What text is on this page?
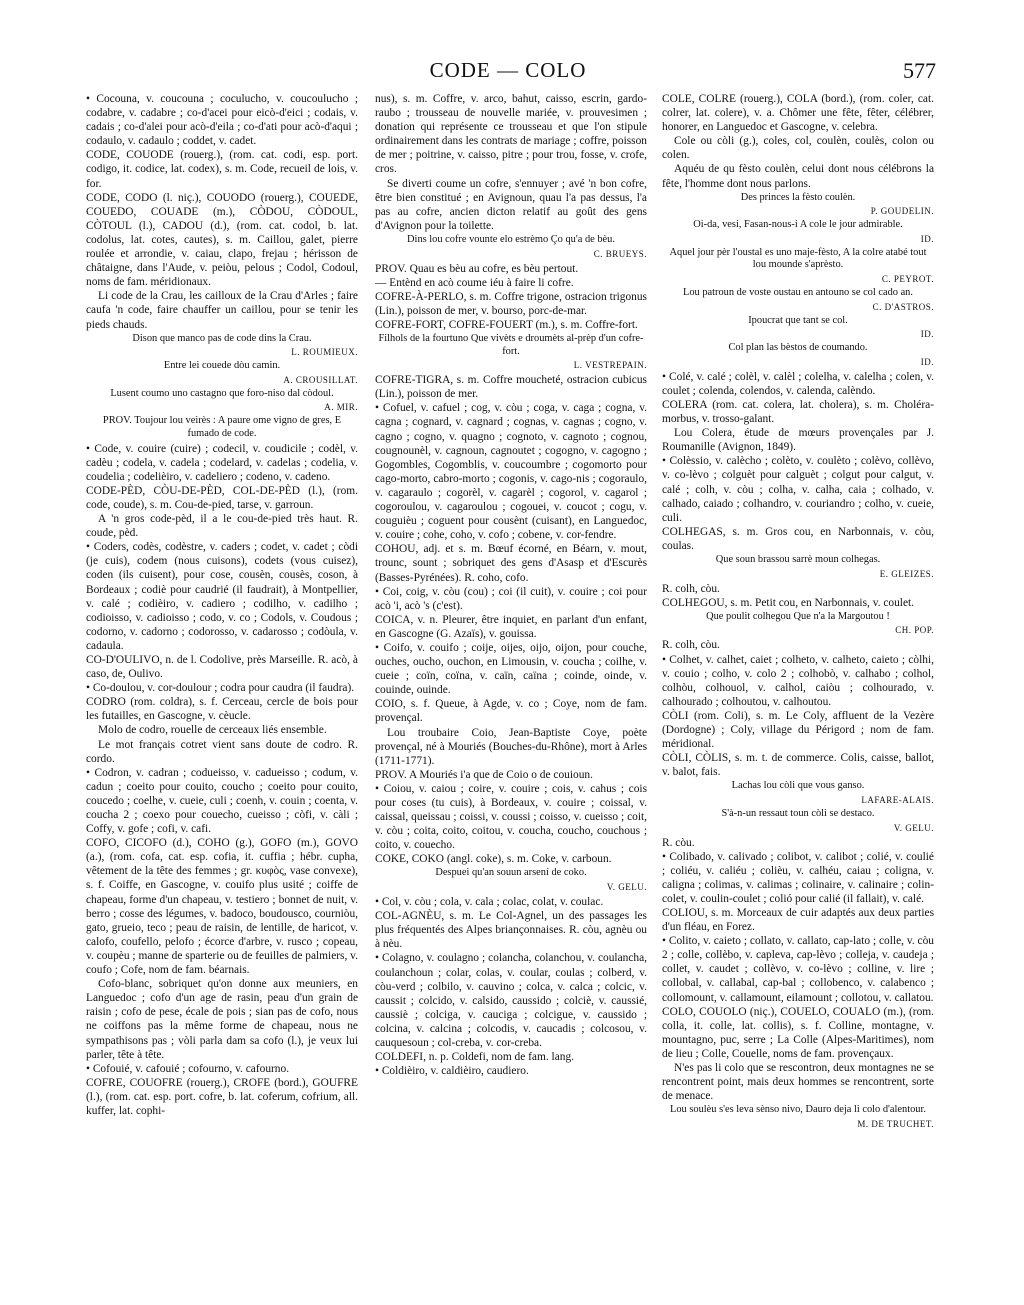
CODE — COLO	577

• Cocouna, v. coucouna ; coculucho, v. coucoulucho ; codabre, v. cadabre ; co-d'acei pour eicò-d'eici ; codais, v. cadais ; co-d'alei pour acò-d'eila ; co-d'ati pour acò-d'aqui ; codaulo, v. cadaulo ; coddet, v. cadet.

CODE, COUODE (rouerg.), (rom. cat. codi, esp. port. codigo, it. codice, lat. codex), s. m. Code, recueil de lois, v. for.

CODE, CODO (l. niç.), COUODO (rouerg.), COUEDE, COUEDO, COUADE (m.), CÒDOU, CÒDOUL, CÒTOUL (l.), CADOU (d.), (rom. cat. codol, b. lat. codolus, lat. cotes, cautes), s. m. Caillou, galet, pierre roulée et arrondie, v. caiau, clapo, frejau ; hérisson de châtaigne, dans l'Aude, v. peiòu, pelous ; Codol, Codoul, noms de fam. méridionaux.

Li code de la Crau, les cailloux de la Crau d'Arles ; faire caufa 'n code, faire chauffer un caillou, pour se tenir les pieds chauds.

Dison que manco pas de code dins la Crau.

L. ROUMIEUX.

Entre lei couede dòu camin.

A. CROUSILLAT.

Lusent coumo uno castagno que foro-niso dal còdoul.

A. MIR.

PROV. Toujour lou veirès : A paure ome vigno de gres, E fumado de code.

• Code, v. couire (cuire) ; codecil, v. coudicile ; codèl, v. cadèu ; codela, v. cadela ; codelard, v. cadelas ; codelia, v. coudelia ; codelièiro, v. cadeliero ; codeno, v. cadeno.

CODE-PÈD, CÒU-DE-PÈD, COL-DE-PÈD (l.), (rom. code, coude), s. m. Cou-de-pied, tarse, v. garroun.

A 'n gros code-pèd, il a le cou-de-pied très haut. R. coude, pèd.

• Coders, codès, codèstre, v. caders ; codet, v. cadet ; còdi (je cuis), codem (nous cuisons), codets (vous cuisez), coden (ils cuisent), pour cose, cousèn, cousès, coson, à Bordeaux ; codiè pour caudrié (il faudrait), à Montpellier, v. calé ; codièiro, v. cadiero ; codilho, v. cadilho ; codioisso, v. cadioisso ; codo, v. co ; Codols, v. Coudous ; codorno, v. cadorno ; codorosso, v. cadarosso ; codòula, v. cadaula.

CO-D'OULIVO, n. de l. Codolive, près Marseille. R. acò, à caso, de, Oulivo.

• Co-doulou, v. cor-doulour ; codra pour caudra (il faudra).

CODRO (rom. coldra), s. f. Cerceau, cercle de bois pour les futailles, en Gascogne, v. cèucle.

Molo de codro, rouelle de cerceaux liés ensemble.

Le mot français cotret vient sans doute de codro. R. cordo.

• Codron, v. cadran ; codueisso, v. cadueisso ; codum, v. cadun ; coeito pour couito, coucho ; coeito pour couito, coucedo ; coelhe, v. cueie, culi ; coenh, v. couin ; coenta, v. coucha 2 ; coexo pour couecho, cueisso ; còfi, v. càli ; Coffy, v. gofe ; cofi, v. cafi.

COFO, CICOFO (d.), COHO (g.), GOFO (m.), GOVO (a.), (rom. cofa, cat. esp. cofia, it. cuffia ; hébr. cupha, vêtement de la tête des femmes ; gr. κυφὸς, vase convexe), s. f. Coiffe, en Gascogne, v. couifo plus usité ; coiffe de chapeau, forme d'un chapeau, v. testiero ; bonnet de nuit, v. berro ; cosse des légumes, v. badoco, boudousco, courniòu, gato, grueio, teco ; peau de raisin, de lentille, de haricot, v. calofo, coufello, pelofo ; écorce d'arbre, v. rusco ; copeau, v. coupèu ; manne de sparterie ou de feuilles de palmiers, v. coufo ; Cofe, nom de fam. béarnais.

Cofo-blanc, sobriquet qu'on donne aux meuniers, en Languedoc ; cofo d'un age de rasin, peau d'un grain de raisin ; cofo de pese, écale de pois ; sian pas de cofo, nous ne coiffons pas la même forme de chapeau, nous ne sympathisons pas ; vòli parla dam sa cofo (l.), je veux lui parler, tête à tête.

• Cofouié, v. cafouié ; cofourno, v. cafourno.

COFRE, COUOFRE (rouerg.), CROFE (bord.), GOUFRE (l.), (rom. cat. esp. port. cofre, b. lat. coferum, cofrium, all. kuffer, lat. cophi-

nus), s. m. Coffre, v. arco, bahut, caisso, escrin, gardo-raubo ; trousseau de nouvelle mariée, v. prouvesimen ; donation qui représente ce trousseau et que l'on stipule ordinairement dans les contrats de mariage ; coffre, poisson de mer ; poitrine, v. caisso, pitre ; pour trou, fosse, v. crofe, cros.

Se diverti coume un cofre, s'ennuyer ; avé 'n bon cofre, être bien constitué ; en Avignoun, quau l'a pas dessus, l'a pas au cofre, ancien dicton relatif au goût des gens d'Avignon pour la toilette.

Dins lou cofre vounte elo estrèmo Ço qu'a de bèu.

C. BRUEYS.

PROV. Quau es bèu au cofre, es bèu pertout.

— Entènd en acò coume iéu à faire li cofre.

COFRE-À-PERLO, s. m. Coffre trigone, ostracion trigonus (Lin.), poisson de mer, v. bourso, porc-de-mar.

COFRE-FORT, COFRE-FOUERT (m.), s. m. Coffre-fort.

Filhols de la fourtuno Que vivèts e droumèts al-prèp d'un cofre-fort.

L. VESTREPAIN.

COFRE-TIGRA, s. m. Coffre moucheté, ostracion cubicus (Lin.), poisson de mer.

• Cofuel, v. cafuel ; cog, v. còu ; coga, v. caga ; cogna, v. cagna ; cognard, v. cagnard ; cognas, v. cagnas ; cogno, v. cagno ; cogno, v. quagno ; cognoto, v. cagnoto ; cognou, cougnounèl, v. cagnoun, cagnoutet ; cogogno, v. cagogno ; Gogombles, Cogomblis, v. coucoumbre ; cogomorto pour cago-morto, cabro-morto ; cogonis, v. cago-nis ; cogoraulo, v. cagaraulo ; cogorèl, v. cagarèl ; cogorol, v. cagarol ; cogoroulou, v. cagaroulou ; cogouei, v. coucot ; cogu, v. couguièu ; coguent pour cousènt (cuisant), en Languedoc, v. couire ; cohe, coho, v. cofo ; cobene, v. cor-fendre.

COHOU, adj. et s. m. Bœuf écorné, en Béarn, v. mout, trounc, sount ; sobriquet des gens d'Asasp et d'Escurès (Basses-Pyrénées). R. coho, cofo.

• Coi, coig, v. còu (cou) ; coi (il cuit), v. couire ; coi pour acò 'i, acò 's (c'est).

COICA, v. n. Pleurer, être inquiet, en parlant d'un enfant, en Gascogne (G. Azaïs), v. gouissa.

• Coifo, v. couifo ; coije, oijes, oijo, oijon, pour couche, ouches, oucho, ouchon, en Limousin, v. coucha ; coilhe, v. cueie ; coïn, coïna, v. caïn, caïna ; coinde, oinde, v. couinde, ouinde.

COIO, s. f. Queue, à Agde, v. co ; Coye, nom de fam. provençal.

Lou troubaire Coio, Jean-Baptiste Coye, poète provençal, né à Mouriés (Bouches-du-Rhône), mort à Arles (1711-1771).

PROV. A Mouriés i'a que de Coio o de couioun.

• Coiou, v. caiou ; coire, v. couire ; cois, v. cahus ; cois pour coses (tu cuis), à Bordeaux, v. couire ; coissal, v. caissal, queissau ; coissi, v. coussi ; coisso, v. cueisso ; coit, v. còu ; coita, coito, coitou, v. coucha, coucho, couchous ; coito, v. couecho.

COKE, COKO (angl. coke), s. m. Coke, v. carboun.

Despuei qu'an souun arsení de coko.

V. GELU.

• Col, v. còu ; cola, v. cala ; colac, colat, v. coulac.

COL-AGNÈU, s. m. Le Col-Agnel, un des passages les plus fréquentés des Alpes briançonnaises. R. còu, agnèu ou à nèu.

• Colagno, v. coulagno ; colancha, colanchou, v. coulancha, coulanchoun ; colar, colas, v. coular, coulas ; colberd, v. còu-verd ; colbilo, v. cauvino ; colca, v. calca ; colcic, v. caussit ; colcido, v. calsido, caussido ; colciè, v. caussié, caussiè ; colciga, v. cauciga ; colcigue, v. caussido ; colcina, v. calcina ; colcodis, v. caucadis ; colcosou, v. cauquesoun ; col-creba, v. cor-creba.

COLDEFI, n. p. Coldefi, nom de fam. lang.

• Coldièiro, v. caldièiro, caudiero.

COLE, COLRE (rouerg.), COLA (bord.), (rom. coler, cat. colrer, lat. colere), v. a. Chômer une fête, fêter, célébrer, honorer, en Languedoc et Gascogne, v. celebra.

Cole ou còli (g.), coles, col, coulèn, coulès, colon ou colen.

Aquéu de qu fèsto coulèn, celui dont nous célébrons la fête, l'homme dont nous parlons.

Des princes la fèsto coulèn.

P. GOUDELIN.

Oi-da, vesi, Fasan-nous-i A cole le jour admirable.

ID.

Aquel jour pèr l'oustal es uno maje-fèsto, A la colre atabé tout lou mounde s'aprèsto.

C. PEYROT.

Lou patroun de voste oustau en antouno se col cado an.

C. D'ASTROS.

Ipoucrat que tant se col.

ID.

Col plan las bèstos de coumando.

ID.

• Colé, v. calé ; colèl, v. calèl ; colelha, v. calelha ; colen, v. coulet ; colenda, colendos, v. calenda, calèndo.

COLERA (rom. cat. colera, lat. cholera), s. m. Choléra-morbus, v. trosso-galant.

Lou Colera, étude de mœurs provençales par J. Roumanille (Avignon, 1849).

• Colèssio, v. calècho ; colèto, v. coulèto ; colèvo, collèvo, v. co-lèvo ; colguèt pour calguèt ; colgut pour calgut, v. calé ; colh, v. còu ; colha, v. calha, caia ; colhado, v. calhado, caiado ; colhandro, v. couriandro ; colho, v. cueie, culi.

COLHEGAS, s. m. Gros cou, en Narbonnais, v. còu, coulas.

Que soun brassou sarrè moun colhegas.

E. GLEIZES.

R. colh, còu.

COLHEGOU, s. m. Petit cou, en Narbonnais, v. coulet.

Que poulit colhegou Que n'a la Margoutou !

CH. POP.

R. colh, còu.

• Colhet, v. calhet, caiet ; colheto, v. calheto, caieto ; còlhi, v. couio ; colho, v. colo 2 ; colhobò, v. calhabo ; colhol, colhòu, colhouol, v. calhol, caiòu ; colhourado, v. calhourado ; colhoutou, v. calhoutou.

CÒLI (rom. Coli), s. m. Le Coly, affluent de la Vezère (Dordogne) ; Coly, village du Périgord ; nom de fam. méridional.

CÒLI, CÒLIS, s. m. t. de commerce. Colis, caisse, ballot, v. balot, fais.

Lachas lou còli que vous ganso.

LAFARE-ALAIS.

S'à-n-un ressaut toun còli se destaco.

V. GELU.

R. còu.

• Colibado, v. calivado ; colibot, v. calibot ; colié, v. coulié ; coliéu, v. caliéu ; colièu, v. calhéu, caiau ; coligna, v. caligna ; colimas, v. calimas ; colinaire, v. calinaire ; colin-colet, v. coulin-coulet ; colió pour calié (il fallait), v. calé.

COLIOU, s. m. Morceaux de cuir adaptés aux deux parties d'un fléau, en Forez.

• Colito, v. caieto ; collato, v. callato, cap-lato ; colle, v. còu 2 ; colle, collèbo, v. capleva, cap-lèvo ; colleja, v. caudeja ; collet, v. caudet ; collèvo, v. co-lèvo ; colline, v. lire ; collobal, v. callabal, cap-bal ; collobenco, v. calabenco ; collomount, v. callamount, eilamount ; collotou, v. callatou.

COLO, COUOLO (niç.), COUELO, COUALO (m.), (rom. colla, it. colle, lat. collis), s. f. Colline, montagne, v. mountagno, puc, serre ; La Colle (Alpes-Maritimes), nom de lieu ; Colle, Couelle, noms de fam. provençaux.

N'es pas li colo que se rescontron, deux montagnes ne se rencontrent point, mais deux hommes se rencontrent, sorte de menace.

Lou soulèu s'es leva sènso nivo, Dauro deja li colo d'alentour.

M. DE TRUCHET.
